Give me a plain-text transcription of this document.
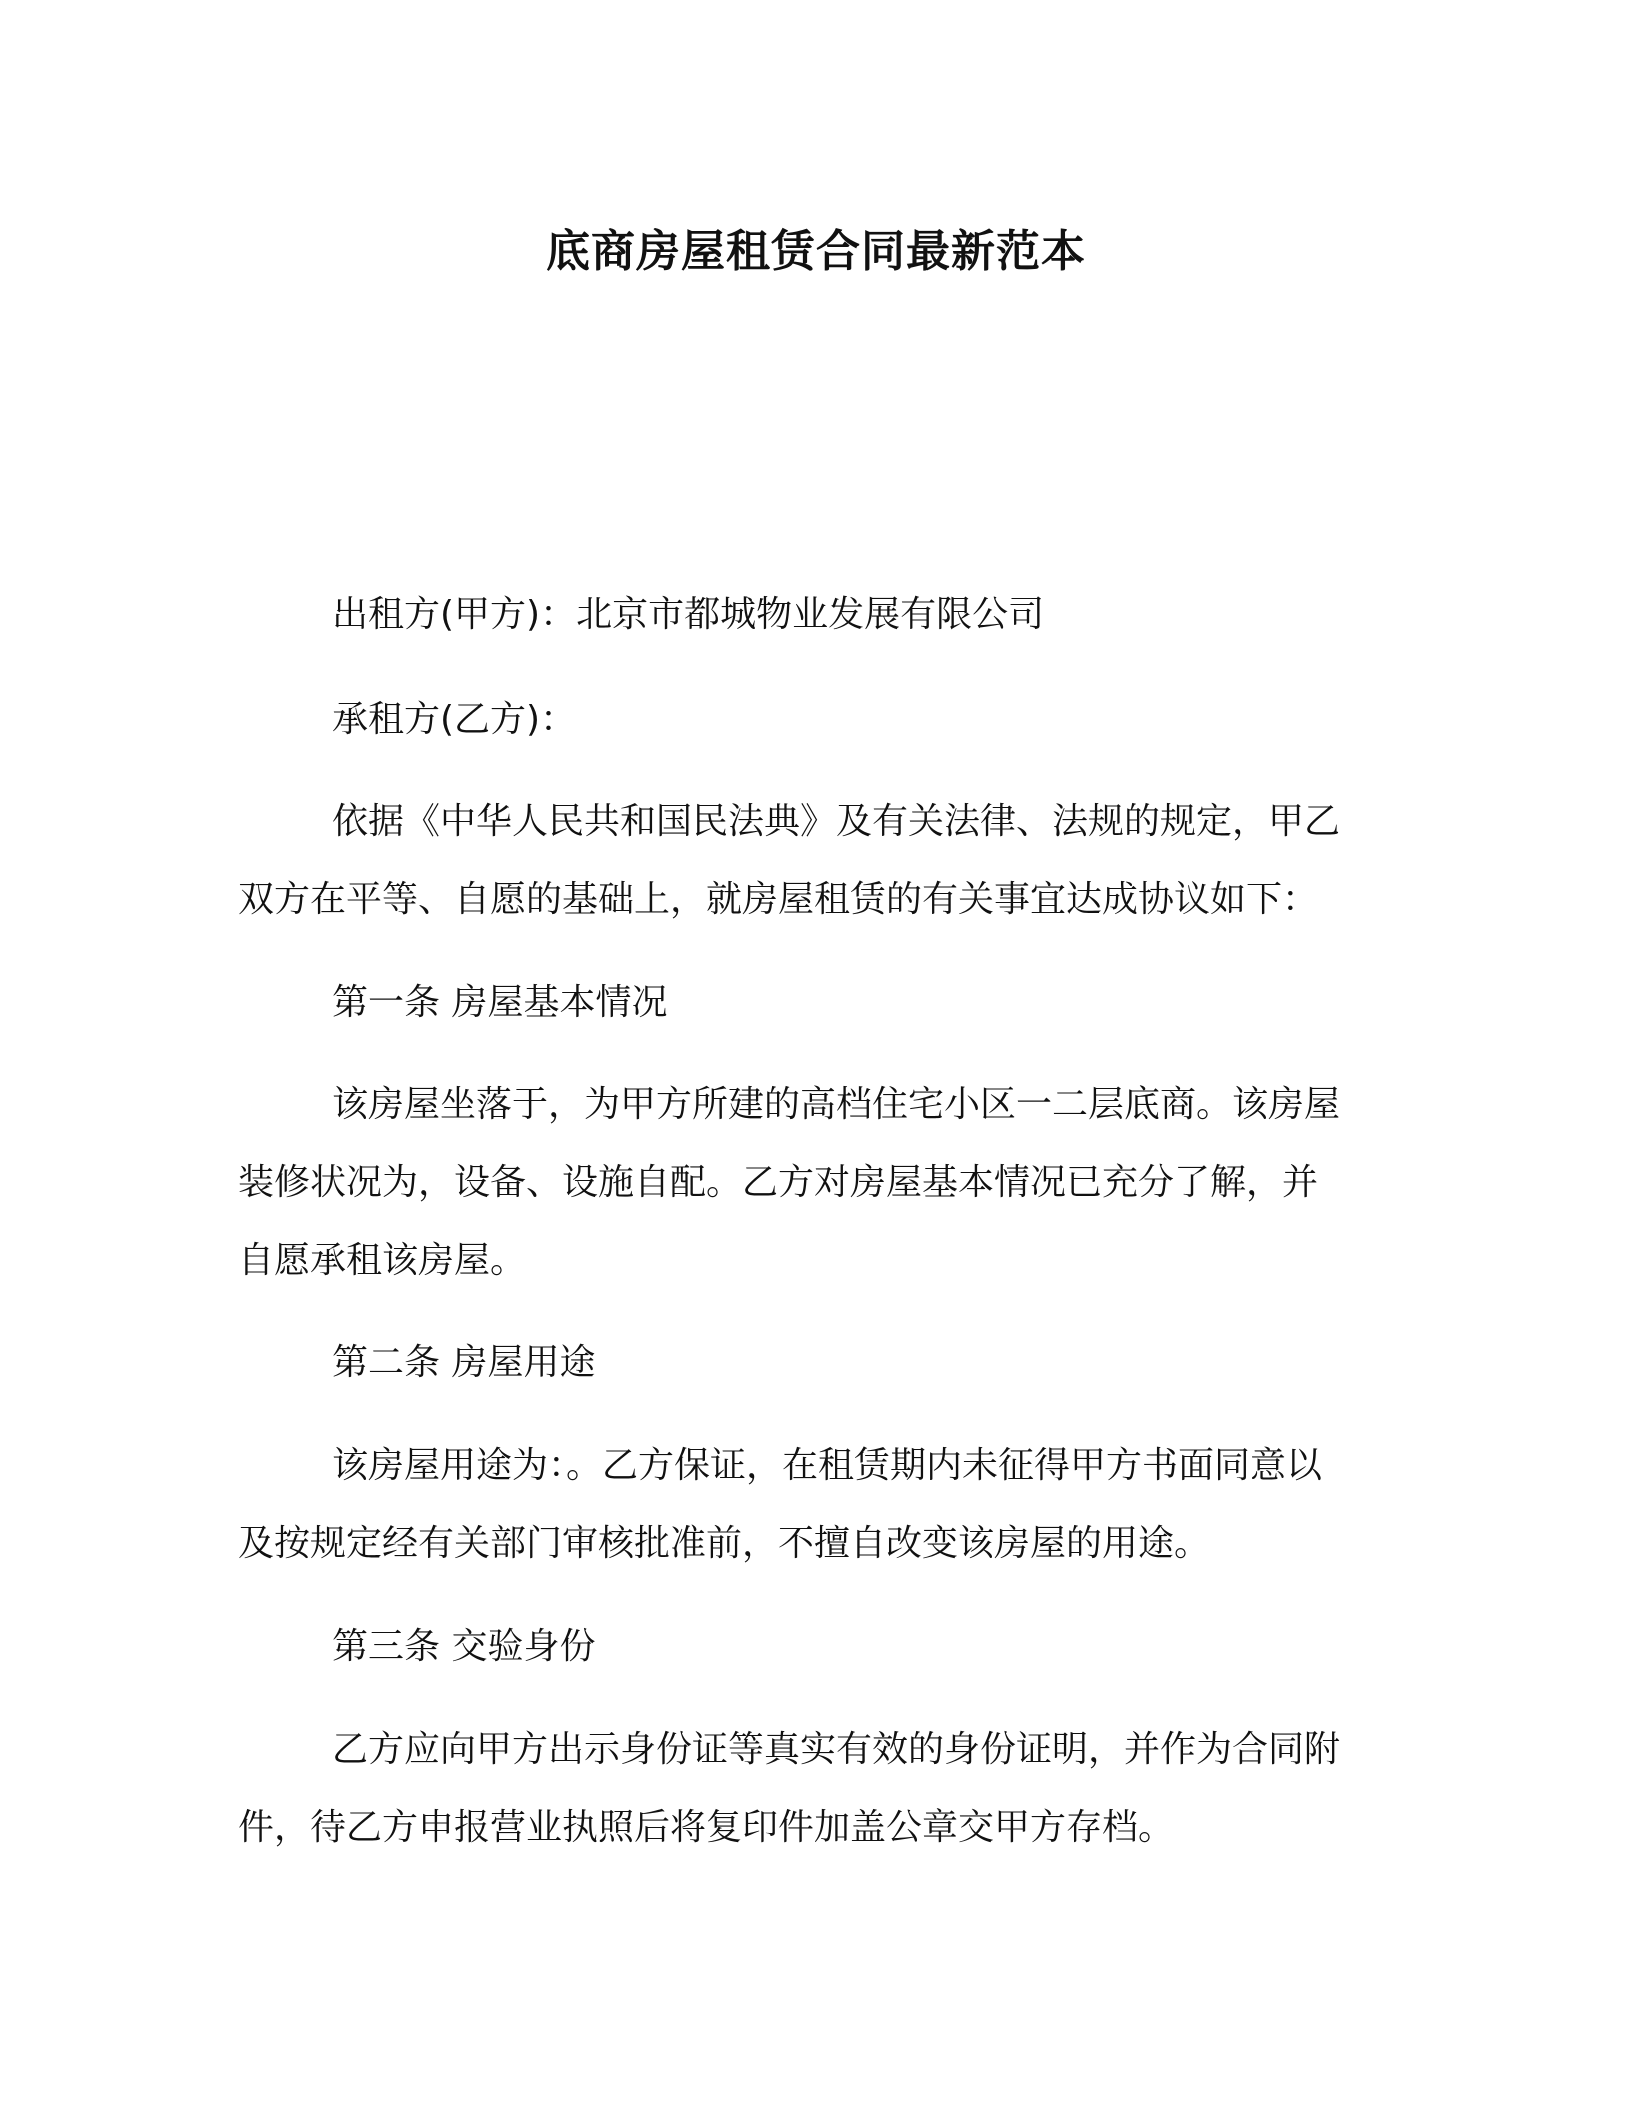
底商房屋租赁合同最新范本
出租方(甲方)：北京市都城物业发展有限公司
承租方(乙方)：
依据《中华人民共和国民法典》及有关法律、法规的规定，甲乙
双方在平等、自愿的基础上，就房屋租赁的有关事宜达成协议如下：
第一条 房屋基本情况
该房屋坐落于，为甲方所建的高档住宅小区一二层底商。该房屋
装修状况为，设备、设施自配。乙方对房屋基本情况已充分了解，并
自愿承租该房屋。
第二条 房屋用途
该房屋用途为：。乙方保证，在租赁期内未征得甲方书面同意以
及按规定经有关部门审核批准前，不擅自改变该房屋的用途。
第三条 交验身份
乙方应向甲方出示身份证等真实有效的身份证明，并作为合同附
件，待乙方申报营业执照后将复印件加盖公章交甲方存档。
